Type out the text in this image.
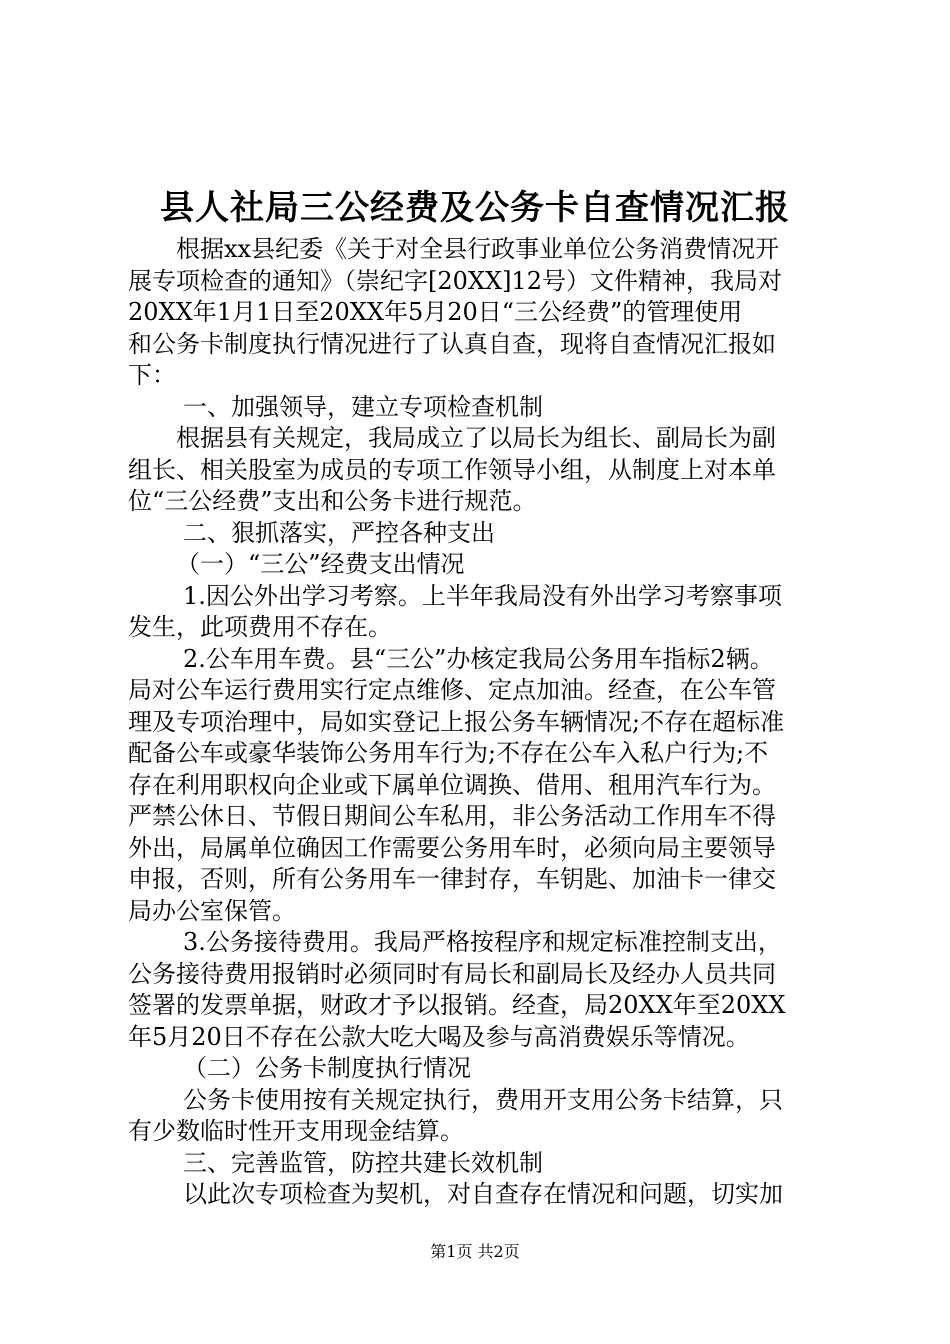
县人社局三公经费及公务卡自查情况汇报
根据xx县纪委《关于对全县行政事业单位公务消费情况开
展专项检查的通知》（崇纪字[20XX]12号）文件精神，我局对
20XX年1月1日至20XX年5月20日“三公经费”的管理使用
和公务卡制度执行情况进行了认真自查，现将自查情况汇报如
下：
一、加强领导，建立专项检查机制
根据县有关规定，我局成立了以局长为组长、副局长为副
组长、相关股室为成员的专项工作领导小组，从制度上对本单
位“三公经费”支出和公务卡进行规范。
二、狠抓落实，严控各种支出
（一）“三公”经费支出情况
1.因公外出学习考察。上半年我局没有外出学习考察事项
发生，此项费用不存在。
2.公车用车费。县“三公”办核定我局公务用车指标2辆。
局对公车运行费用实行定点维修、定点加油。经查，在公车管
理及专项治理中，局如实登记上报公务车辆情况;不存在超标准
配备公车或豪华装饰公务用车行为;不存在公车入私户行为;不
存在利用职权向企业或下属单位调换、借用、租用汽车行为。
严禁公休日、节假日期间公车私用，非公务活动工作用车不得
外出，局属单位确因工作需要公务用车时，必须向局主要领导
申报，否则，所有公务用车一律封存，车钥匙、加油卡一律交
局办公室保管。
3.公务接待费用。我局严格按程序和规定标准控制支出，
公务接待费用报销时必须同时有局长和副局长及经办人员共同
签署的发票单据，财政才予以报销。经查，局20XX年至20XX
年5月20日不存在公款大吃大喝及参与高消费娱乐等情况。
（二）公务卡制度执行情况
公务卡使用按有关规定执行，费用开支用公务卡结算，只
有少数临时性开支用现金结算。
三、完善监管，防控共建长效机制
以此次专项检查为契机，对自查存在情况和问题，切实加
第1页 共2页
